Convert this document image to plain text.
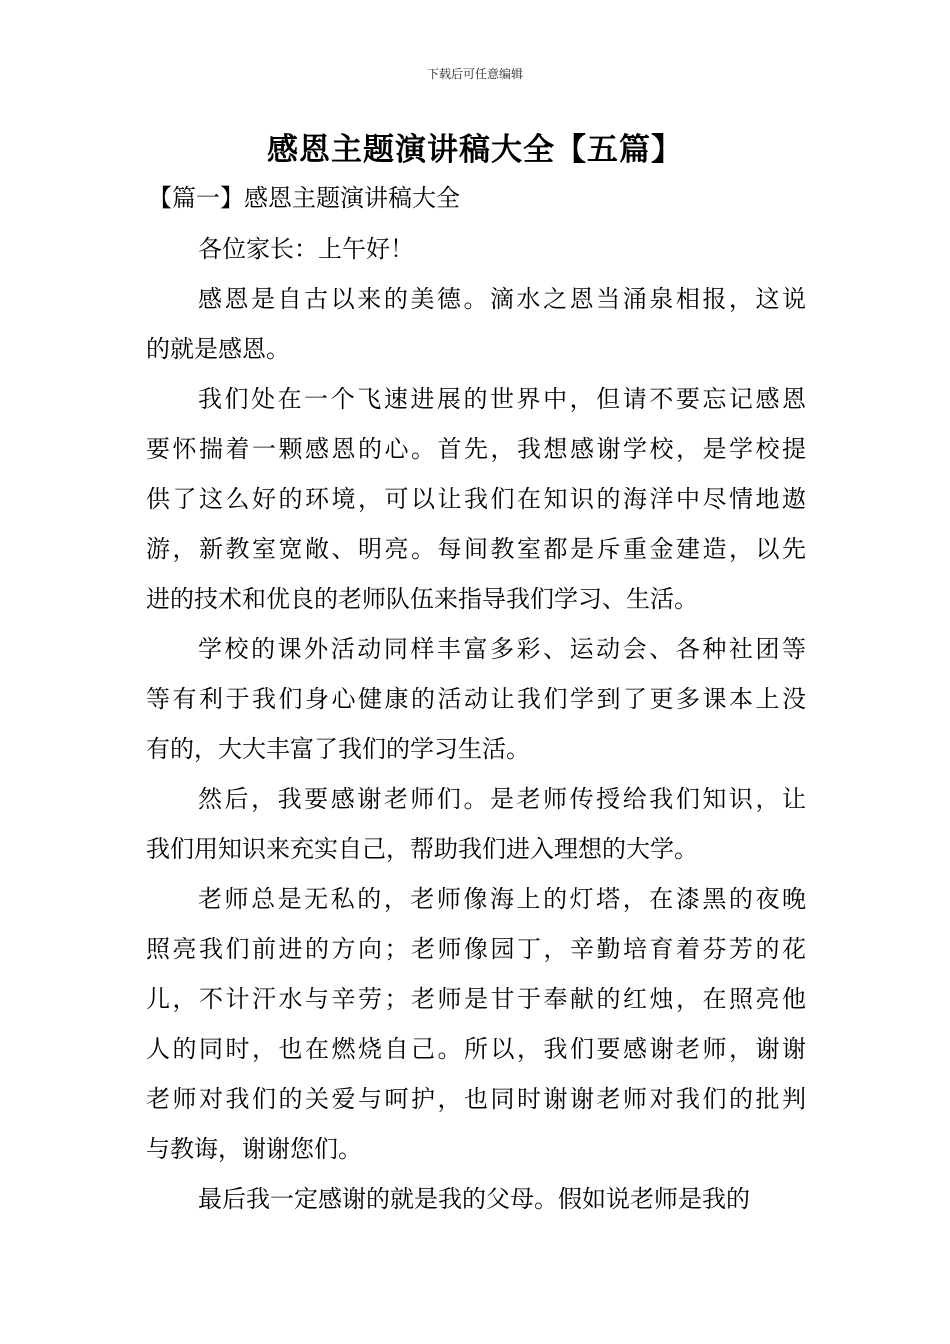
下载后可任意编辑
感恩主题演讲稿大全【五篇】
【篇一】感恩主题演讲稿大全
各位家长：上午好！
感恩是自古以来的美德。滴水之恩当涌泉相报，这说
的就是感恩。
我们处在一个飞速进展的世界中，但请不要忘记感恩
要怀揣着一颗感恩的心。首先，我想感谢学校，是学校提
供了这么好的环境，可以让我们在知识的海洋中尽情地遨
游，新教室宽敞、明亮。每间教室都是斥重金建造，以先
进的技术和优良的老师队伍来指导我们学习、生活。
学校的课外活动同样丰富多彩、运动会、各种社团等
等有利于我们身心健康的活动让我们学到了更多课本上没
有的，大大丰富了我们的学习生活。
然后，我要感谢老师们。是老师传授给我们知识，让
我们用知识来充实自己，帮助我们进入理想的大学。
老师总是无私的，老师像海上的灯塔，在漆黑的夜晚
照亮我们前进的方向；老师像园丁，辛勤培育着芬芳的花
儿，不计汗水与辛劳；老师是甘于奉献的红烛，在照亮他
人的同时，也在燃烧自己。所以，我们要感谢老师，谢谢
老师对我们的关爱与呵护，也同时谢谢老师对我们的批判
与教诲，谢谢您们。
最后我一定感谢的就是我的父母。假如说老师是我的
